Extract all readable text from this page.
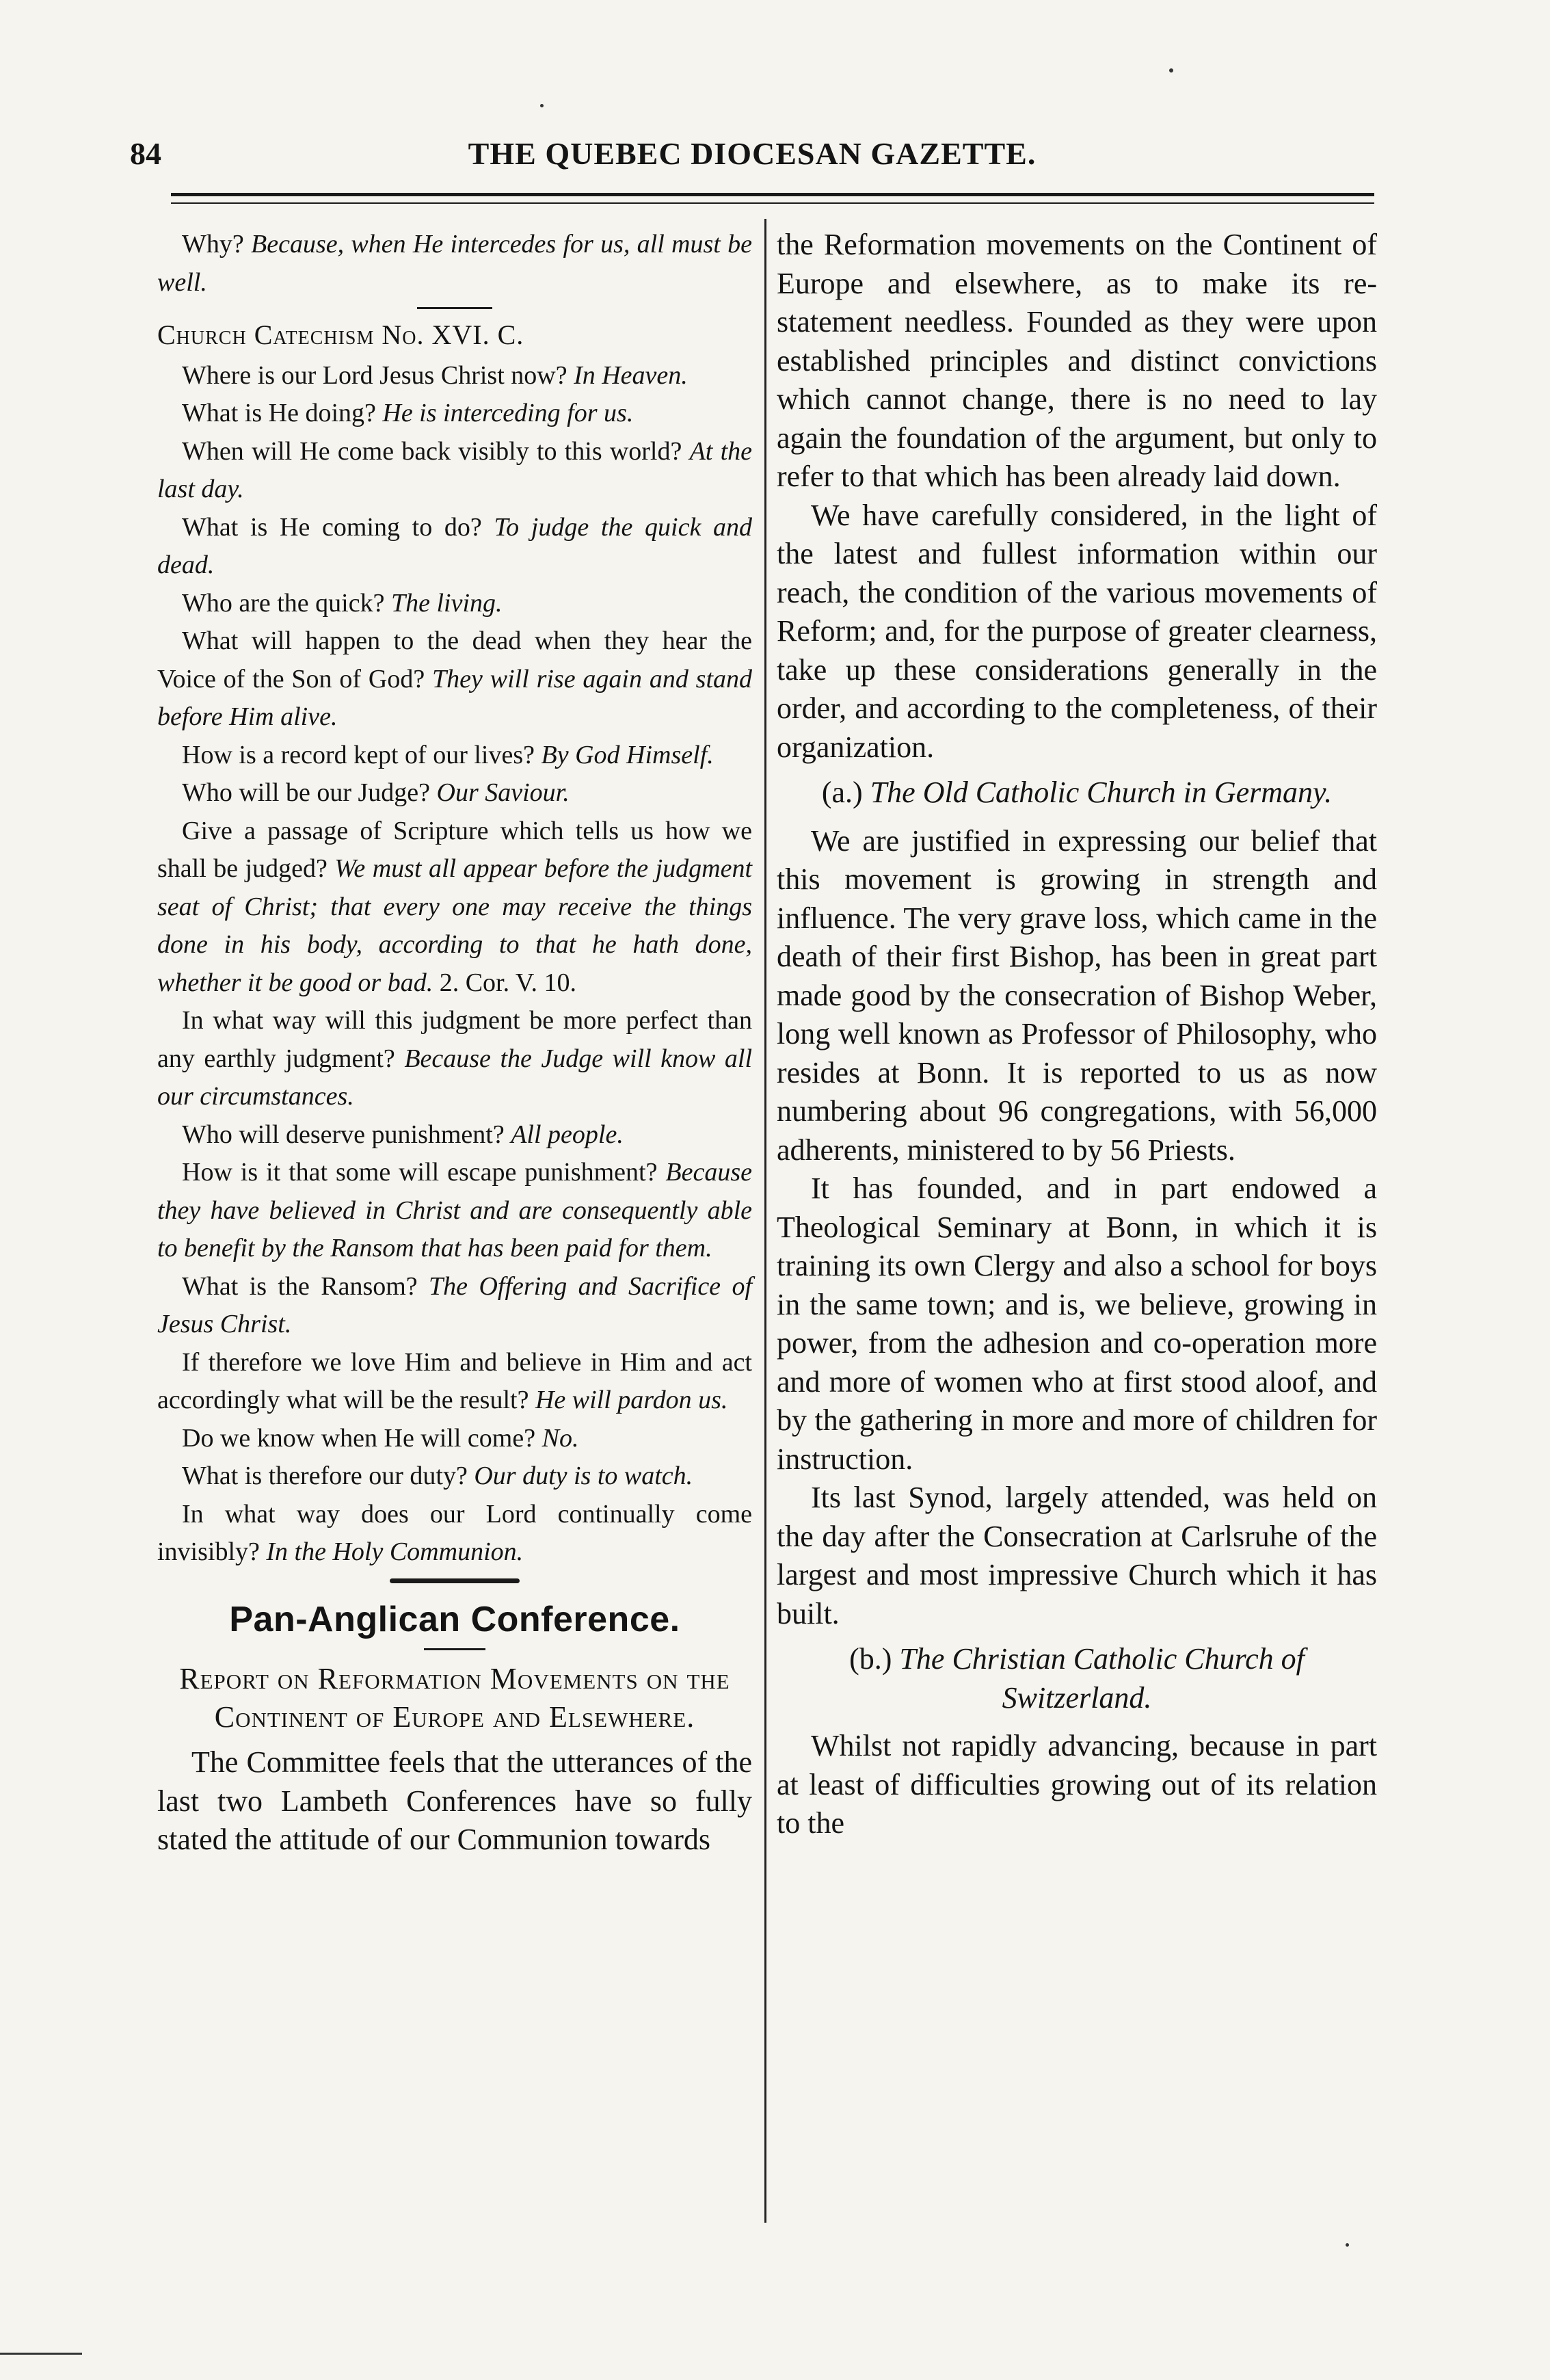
84	THE QUEBEC DIOCESAN GAZETTE.

Why? Because, when He intercedes for us, all must be well.

Church Catechism No. XVI. C.

Where is our Lord Jesus Christ now? In Heaven.

What is He doing? He is interceding for us.

When will He come back visibly to this world? At the last day.

What is He coming to do? To judge the quick and dead.

Who are the quick? The living.

What will happen to the dead when they hear the Voice of the Son of God? They will rise again and stand before Him alive.

How is a record kept of our lives? By God Himself.

Who will be our Judge? Our Saviour.

Give a passage of Scripture which tells us how we shall be judged? We must all appear before the judgment seat of Christ; that every one may receive the things done in his body, according to that he hath done, whether it be good or bad. 2. Cor. V. 10.

In what way will this judgment be more perfect than any earthly judgment? Because the Judge will know all our circumstances.

Who will deserve punishment? All people.

How is it that some will escape punishment? Because they have believed in Christ and are consequently able to benefit by the Ransom that has been paid for them.

What is the Ransom? The Offering and Sacrifice of Jesus Christ.

If therefore we love Him and believe in Him and act accordingly what will be the result? He will pardon us.

Do we know when He will come? No.

What is therefore our duty? Our duty is to watch.

In what way does our Lord continually come invisibly? In the Holy Communion.

Pan-Anglican Conference.

Report on Reformation Movements on the Continent of Europe and Elsewhere.

The Committee feels that the utterances of the last two Lambeth Conferences have so fully stated the attitude of our Communion towards

the Reformation movements on the Continent of Europe and elsewhere, as to make its re-statement needless. Founded as they were upon established principles and distinct convictions which cannot change, there is no need to lay again the foundation of the argument, but only to refer to that which has been already laid down.

We have carefully considered, in the light of the latest and fullest information within our reach, the condition of the various movements of Reform; and, for the purpose of greater clearness, take up these considerations generally in the order, and according to the completeness, of their organization.

(a.) The Old Catholic Church in Germany.

We are justified in expressing our belief that this movement is growing in strength and influence. The very grave loss, which came in the death of their first Bishop, has been in great part made good by the consecration of Bishop Weber, long well known as Professor of Philosophy, who resides at Bonn. It is reported to us as now numbering about 96 congregations, with 56,000 adherents, ministered to by 56 Priests.

It has founded, and in part endowed a Theological Seminary at Bonn, in which it is training its own Clergy and also a school for boys in the same town; and is, we believe, growing in power, from the adhesion and co-operation more and more of women who at first stood aloof, and by the gathering in more and more of children for instruction.

Its last Synod, largely attended, was held on the day after the Consecration at Carlsruhe of the largest and most impressive Church which it has built.

(b.) The Christian Catholic Church of Switzerland.

Whilst not rapidly advancing, because in part at least of difficulties growing out of its relation to the
